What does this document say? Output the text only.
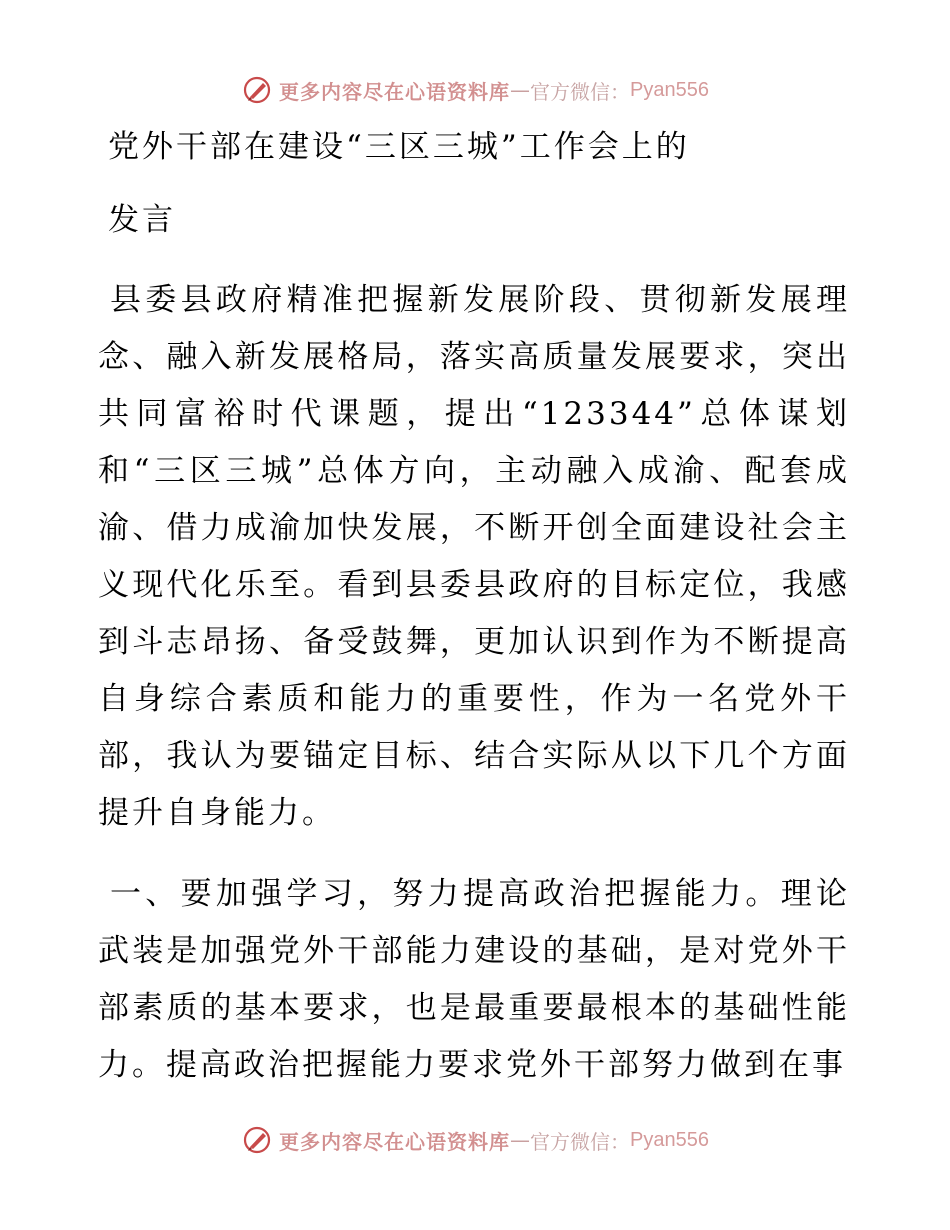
更多内容尽在心语资料库 — 官方微信： Pyan556
党外干部在建设“三区三城”工作会上的
发言

县委县政府精准把握新发展阶段、贯彻新发展理念、融入新发展格局，落实高质量发展要求，突出共同富裕时代课题，提出“123344”总体谋划和“三区三城”总体方向，主动融入成渝、配套成渝、借力成渝加快发展，不断开创全面建设社会主义现代化乐至。看到县委县政府的目标定位，我感到斗志昂扬、备受鼓舞，更加认识到作为不断提高自身综合素质和能力的重要性，作为一名党外干部，我认为要锚定目标、结合实际从以下几个方面提升自身能力。

一、要加强学习，努力提高政治把握能力。理论武装是加强党外干部能力建设的基础，是对党外干部素质的基本要求，也是最重要最根本的基础性能力。提高政治把握能力要求党外干部努力做到在事

更多内容尽在心语资料库 — 官方微信： Pyan556
